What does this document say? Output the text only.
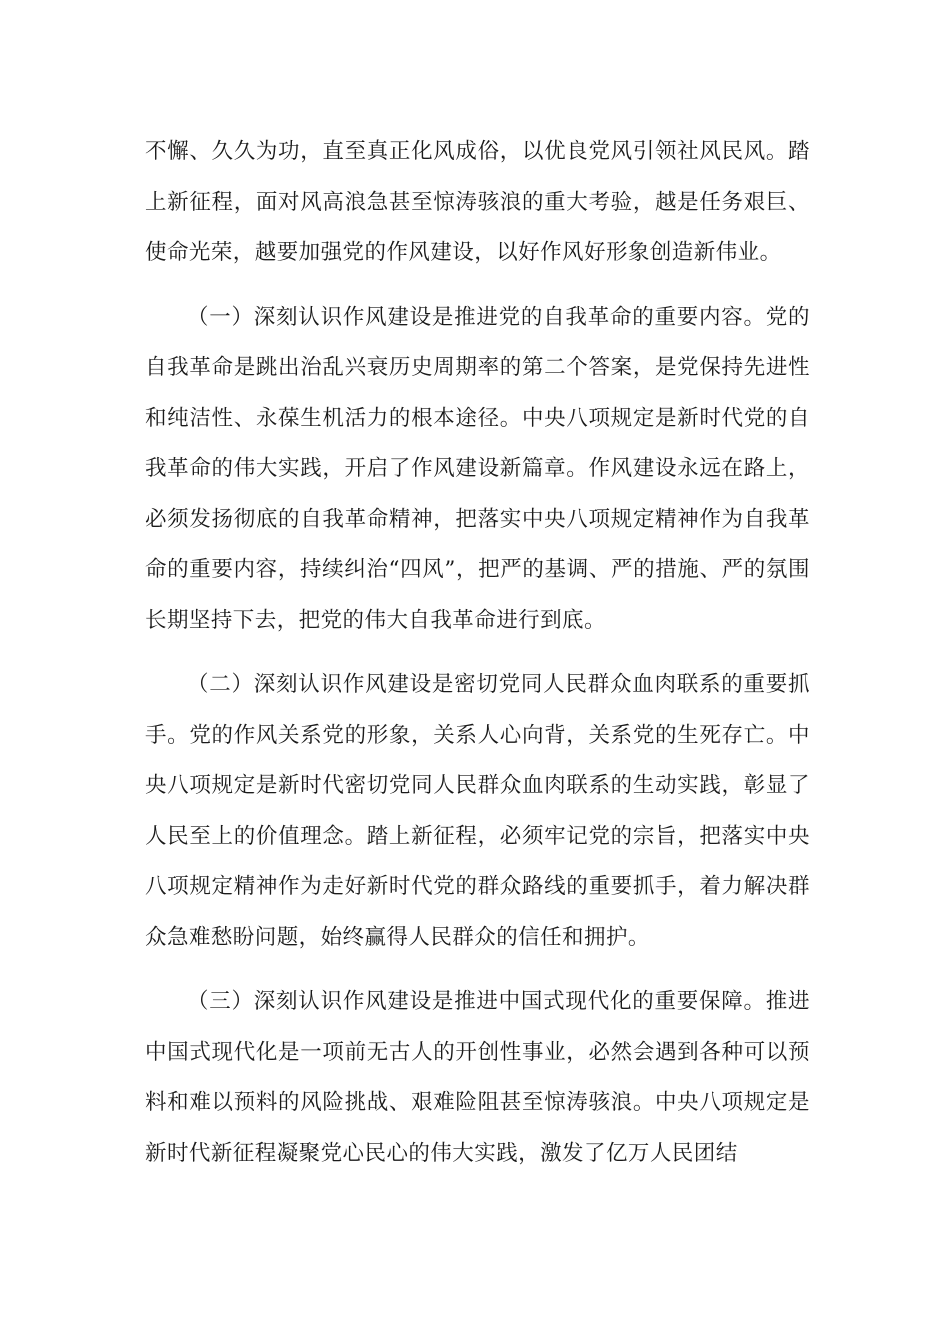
不懈、久久为功，直至真正化风成俗，以优良党风引领社风民风。踏上新征程，面对风高浪急甚至惊涛骇浪的重大考验，越是任务艰巨、使命光荣，越要加强党的作风建设，以好作风好形象创造新伟业。

（一）深刻认识作风建设是推进党的自我革命的重要内容。党的自我革命是跳出治乱兴衰历史周期率的第二个答案，是党保持先进性和纯洁性、永葆生机活力的根本途径。中央八项规定是新时代党的自我革命的伟大实践，开启了作风建设新篇章。作风建设永远在路上，必须发扬彻底的自我革命精神，把落实中央八项规定精神作为自我革命的重要内容，持续纠治“四风”，把严的基调、严的措施、严的氛围长期坚持下去，把党的伟大自我革命进行到底。

（二）深刻认识作风建设是密切党同人民群众血肉联系的重要抓手。党的作风关系党的形象，关系人心向背，关系党的生死存亡。中央八项规定是新时代密切党同人民群众血肉联系的生动实践，彰显了人民至上的价值理念。踏上新征程，必须牢记党的宗旨，把落实中央八项规定精神作为走好新时代党的群众路线的重要抓手，着力解决群众急难愁盼问题，始终赢得人民群众的信任和拥护。

（三）深刻认识作风建设是推进中国式现代化的重要保障。推进中国式现代化是一项前无古人的开创性事业，必然会遇到各种可以预料和难以预料的风险挑战、艰难险阻甚至惊涛骇浪。中央八项规定是新时代新征程凝聚党心民心的伟大实践，激发了亿万人民团结
